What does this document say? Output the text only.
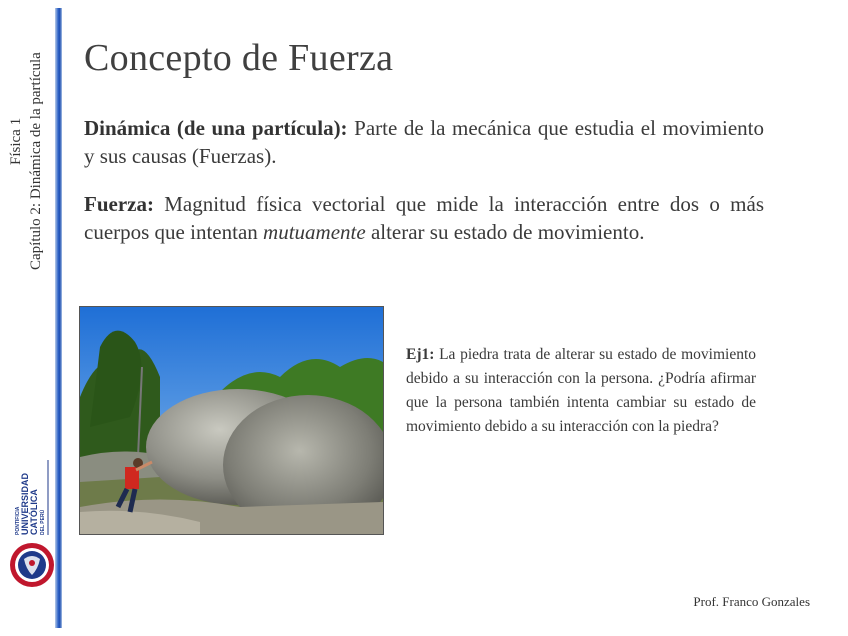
Física 1 Capítulo 2: Dinámica de la partícula
PONTIFICIA UNIVERSIDAD CATÓLICA DEL PERÚ
Concepto de Fuerza

Dinámica (de una partícula): Parte de la mecánica que estudia el movimiento y sus causas (Fuerzas).

Fuerza: Magnitud física vectorial que mide la interacción entre dos o más cuerpos que intentan mutuamente alterar su estado de movimiento.

Ej1: La piedra trata de alterar su estado de movimiento debido a su interacción con la persona. ¿Podría afirmar que la persona también intenta cambiar su estado de movimiento debido a su interacción con la piedra?

Prof. Franco Gonzales
